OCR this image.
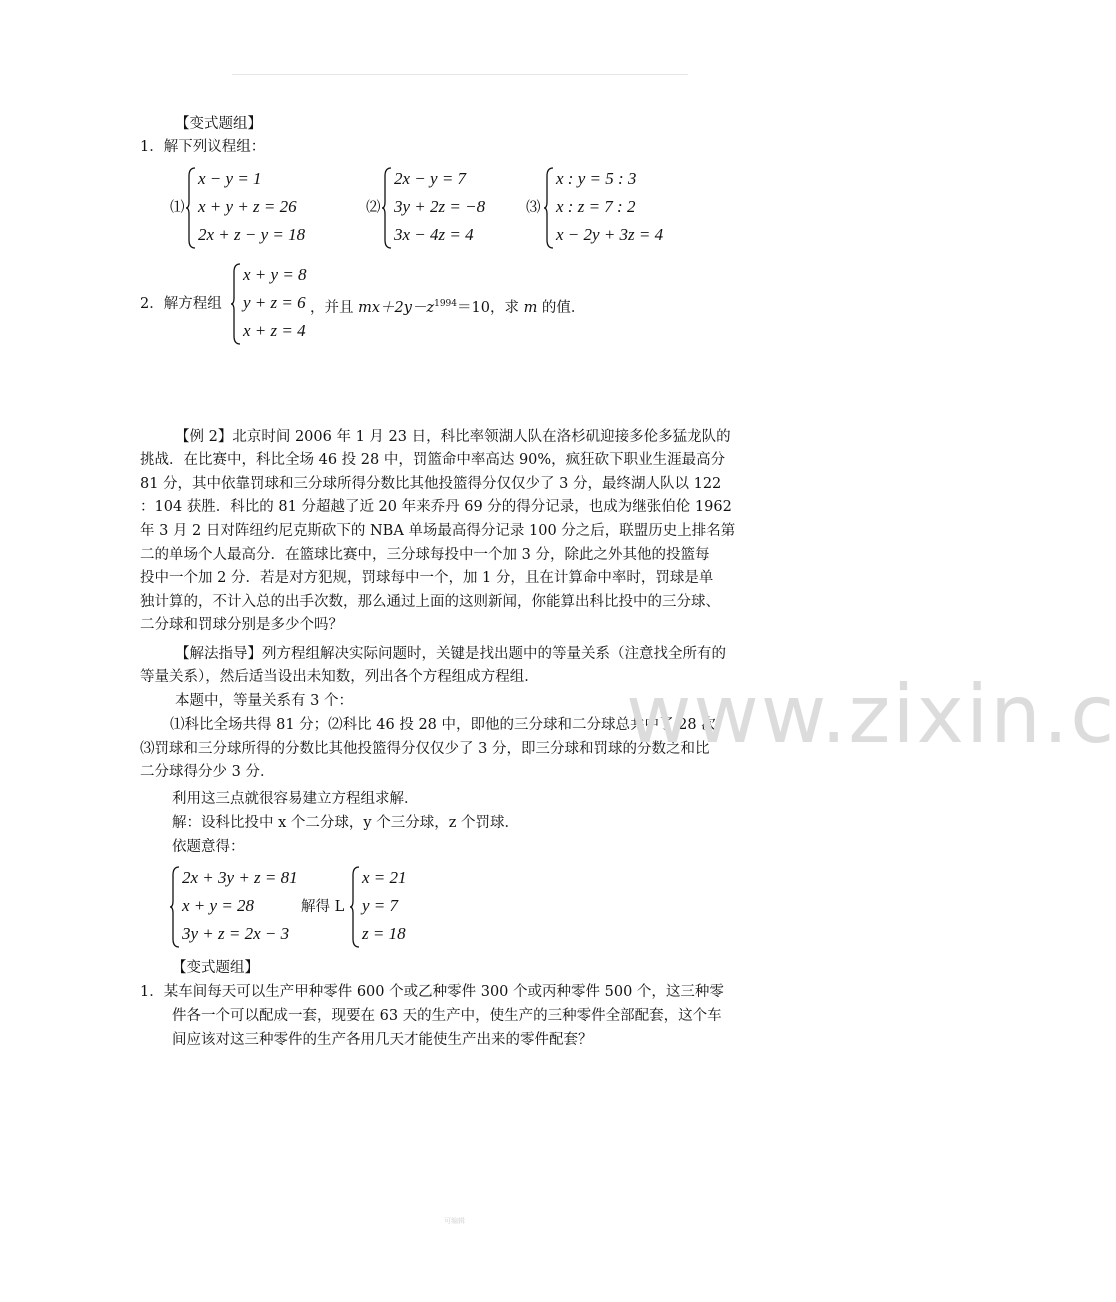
【变式题组】
1．解下列议程组：
⑴
x − y = 1
x + y + z = 26
2x + z − y = 18
⑵
2x − y = 7
3y + 2z = −8
3x − 4z = 4
⑶
x : y = 5 : 3
x : z = 7 : 2
x − 2y + 3z = 4
2．解方程组
x + y = 8
y + z = 6
x + z = 4
，并且 $mx+2y-z^{1994}=10$，求 m 的值．
【例 2】北京时间 2006 年 1 月 23 日，科比率领湖人队在洛杉矶迎接多伦多猛龙队的
挑战．在比赛中，科比全场 46 投 28 中，罚篮命中率高达 90%，疯狂砍下职业生涯最高分
81 分，其中依靠罚球和三分球所得分数比其他投篮得分仅仅少了 3 分，最终湖人队以 122
：104 获胜．科比的 81 分超越了近 20 年来乔丹 69 分的得分记录，也成为继张伯伦 1962
年 3 月 2 日对阵纽约尼克斯砍下的 NBA 单场最高得分记录 100 分之后，联盟历史上排名第
二的单场个人最高分．在篮球比赛中，三分球每投中一个加 3 分，除此之外其他的投篮每
投中一个加 2 分．若是对方犯规，罚球每中一个，加 1 分，且在计算命中率时，罚球是单
独计算的，不计入总的出手次数，那么通过上面的这则新闻，你能算出科比投中的三分球、
二分球和罚球分别是多少个吗？
【解法指导】列方程组解决实际问题时，关键是找出题中的等量关系（注意找全所有的
等量关系），然后适当设出未知数，列出各个方程组成方程组．
本题中，等量关系有 3 个：
⑴科比全场共得 81 分；⑵科比 46 投 28 中，即他的三分球和二分球总共中了 28 次；
⑶罚球和三分球所得的分数比其他投篮得分仅仅少了 3 分，即三分球和罚球的分数之和比
二分球得分少 3 分．
利用这三点就很容易建立方程组求解．
解：设科比投中 x 个二分球，y 个三分球，z 个罚球．
依题意得：
2x + 3y + z = 81
x + y = 28
3y + z = 2x − 3
解得 L
x = 21
y = 7
z = 18
【变式题组】
1．某车间每天可以生产甲种零件 600 个或乙种零件 300 个或丙种零件 500 个，这三种零
件各一个可以配成一套，现要在 63 天的生产中，使生产的三种零件全部配套，这个车
间应该对这三种零件的生产各用几天才能使生产出来的零件配套？
www.zixin.c
可编辑
